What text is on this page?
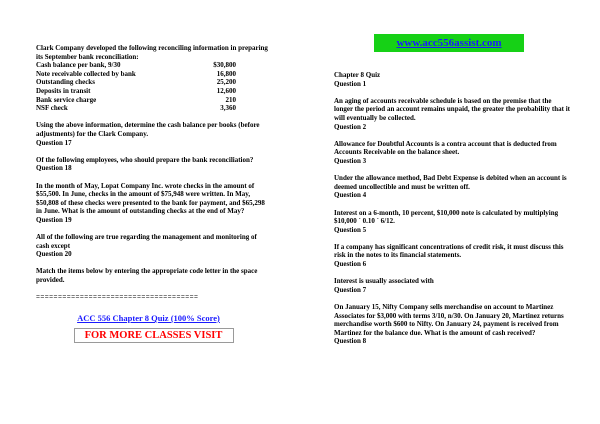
www.acc556assist.com

Clark Company developed the following reconciling information in preparing its September bank reconciliation:

Cash balance per bank, 9/30	$30,800
Note receivable collected by bank	16,800
Outstanding checks	25,200
Deposits in transit	12,600
Bank service charge	210
NSF check	3,360

Using the above information, determine the cash balance per books (before adjustments) for the Clark Company.

Question 17

Of the following employees, who should prepare the bank reconciliation?

Question 18

In the month of May, Lopat Company Inc. wrote checks in the amount of $55,500. In June, checks in the amount of $75,948 were written. In May, $50,808 of these checks were presented to the bank for payment, and $65,298 in June. What is the amount of outstanding checks at the end of May?

Question 19

All of the following are true regarding the management and monitoring of cash except

Question 20

Match the items below by entering the appropriate code letter in the space provided.

=====================================
ACC 556 Chapter 8 Quiz (100% Score)
FOR MORE CLASSES VISIT

Chapter 8 Quiz

Question 1

An aging of accounts receivable schedule is based on the premise that the longer the period an account remains unpaid, the greater the probability that it will eventually be collected.

Question 2

Allowance for Doubtful Accounts is a contra account that is deducted from Accounts Receivable on the balance sheet.

Question 3

Under the allowance method, Bad Debt Expense is debited when an account is deemed uncollectible and must be written off.

Question 4

Interest on a 6-month, 10 percent, $10,000 note is calculated by multiplying $10,000 ´ 0.10 ´ 6/12.

Question 5

If a company has significant concentrations of credit risk, it must discuss this risk in the notes to its financial statements.

Question 6

Interest is usually associated with

Question 7

On January 15, Nifty Company sells merchandise on account to Martinez Associates for $3,000 with terms 3/10, n/30. On January 20, Martinez returns merchandise worth $600 to Nifty. On January 24, payment is received from Martinez for the balance due. What is the amount of cash received?

Question 8
